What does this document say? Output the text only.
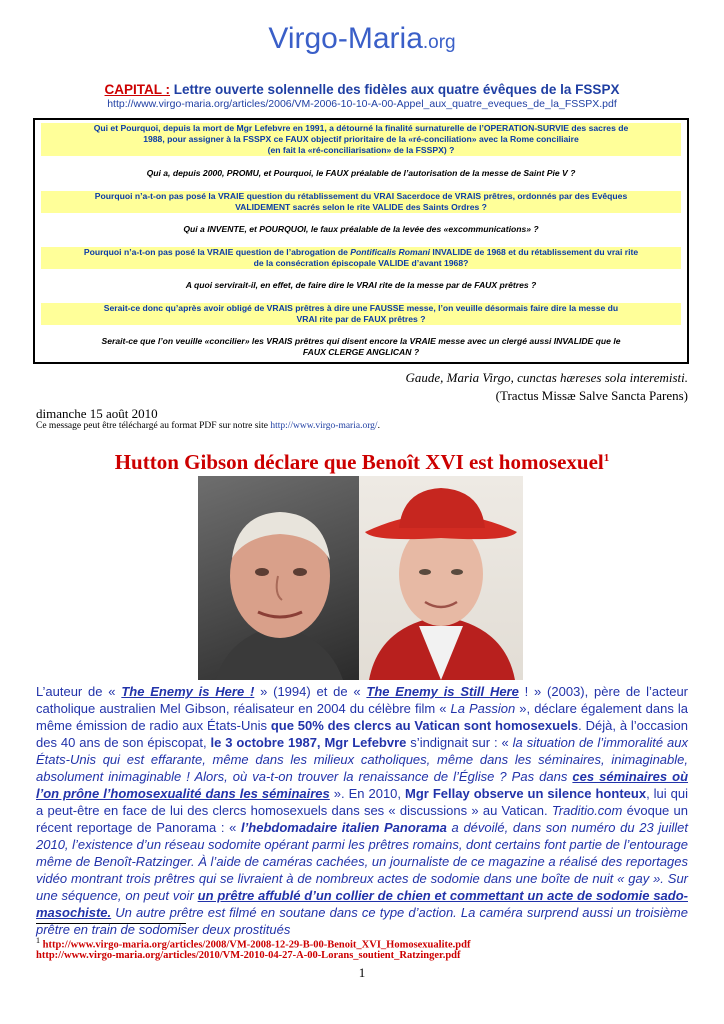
Virgo-Maria.org
CAPITAL : Lettre ouverte solennelle des fidèles aux quatre évêques de la FSSPX
http://www.virgo-maria.org/articles/2006/VM-2006-10-10-A-00-Appel_aux_quatre_eveques_de_la_FSSPX.pdf
Qui et Pourquoi, depuis la mort de Mgr Lefebvre en 1991, a détourné la finalité surnaturelle de l’OPERATION-SURVIE des sacres de
1988, pour assigner à la FSSPX ce FAUX objectif prioritaire de la «ré-conciliation» avec la Rome conciliaire
(en fait la «ré-conciliarisation» de la FSSPX) ?
Qui a, depuis 2000, PROMU, et Pourquoi, le FAUX préalable de l’autorisation de la messe de Saint Pie V ?
Pourquoi n’a-t-on pas posé la VRAIE question du rétablissement du VRAI Sacerdoce de VRAIS prêtres, ordonnés par des Evêques
VALIDEMENT sacrés selon le rite VALIDE des Saints Ordres ?
Qui a INVENTE, et POURQUOI, le faux préalable de la levée des «excommunications» ?
Pourquoi n’a-t-on pas posé la VRAIE question de l’abrogation de Pontificalis Romani INVALIDE de 1968 et du rétablissement du vrai rite
de la consécration épiscopale VALIDE d’avant 1968?
A quoi servirait-il, en effet, de faire dire le VRAI rite de la messe par de FAUX prêtres ?
Serait-ce donc qu’après avoir obligé de VRAIS prêtres à dire une FAUSSE messe, l’on veuille désormais faire dire la messe du
VRAI rite par de FAUX prêtres ?
Serait-ce que l’on veuille «concilier» les VRAIS prêtres qui disent encore la VRAIE messe avec un clergé aussi INVALIDE que le
FAUX CLERGE ANGLICAN ?
Gaude, Maria Virgo, cunctas hæreses sola interemisti.
(Tractus Missæ Salve Sancta Parens)
dimanche 15 août 2010
Ce message peut être téléchargé au format PDF sur notre site http://www.virgo-maria.org/.
Hutton Gibson déclare que Benoît XVI est homosexuel$^1$
L’auteur de « The Enemy is Here ! » (1994) et de « The Enemy is Still Here ! » (2003), père de l’acteur catholique australien Mel Gibson, réalisateur en 2004 du célèbre film « La Passion », déclare également dans la même émission de radio aux États-Unis que 50% des clercs au Vatican sont homosexuels. Déjà, à l’occasion des 40 ans de son épiscopat, le 3 octobre 1987, Mgr Lefebvre s’indignait sur : « la situation de l’immoralité aux États-Unis qui est effarante, même dans les milieux catholiques, même dans les séminaires, inimaginable, absolument inimaginable ! Alors, où va-t-on trouver la renaissance de l’Église ? Pas dans ces séminaires où l’on prône l’homosexualité dans les séminaires ». En 2010, Mgr Fellay observe un silence honteux, lui qui a peut-être en face de lui des clercs homosexuels dans ses « discussions » au Vatican. Traditio.com évoque un récent reportage de Panorama : « l’hebdomadaire italien Panorama a dévoilé, dans son numéro du 23 juillet 2010, l’existence d’un réseau sodomite opérant parmi les prêtres romains, dont certains font partie de l’entourage même de Benoît-Ratzinger. À l’aide de caméras cachées, un journaliste de ce magazine a réalisé des reportages vidéo montrant trois prêtres qui se livraient à de nombreux actes de sodomie dans une boîte de nuit « gay ». Sur une séquence, on peut voir un prêtre affublé d’un collier de chien et commettant un acte de sodomie sado-masochiste. Un autre prêtre est filmé en soutane dans ce type d’action. La caméra surprend aussi un troisième prêtre en train de sodomiser deux prostitués
$^1$ http://www.virgo-maria.org/articles/2008/VM-2008-12-29-B-00-Benoit_XVI_Homosexualite.pdf
http://www.virgo-maria.org/articles/2010/VM-2010-04-27-A-00-Lorans_soutient_Ratzinger.pdf
1
